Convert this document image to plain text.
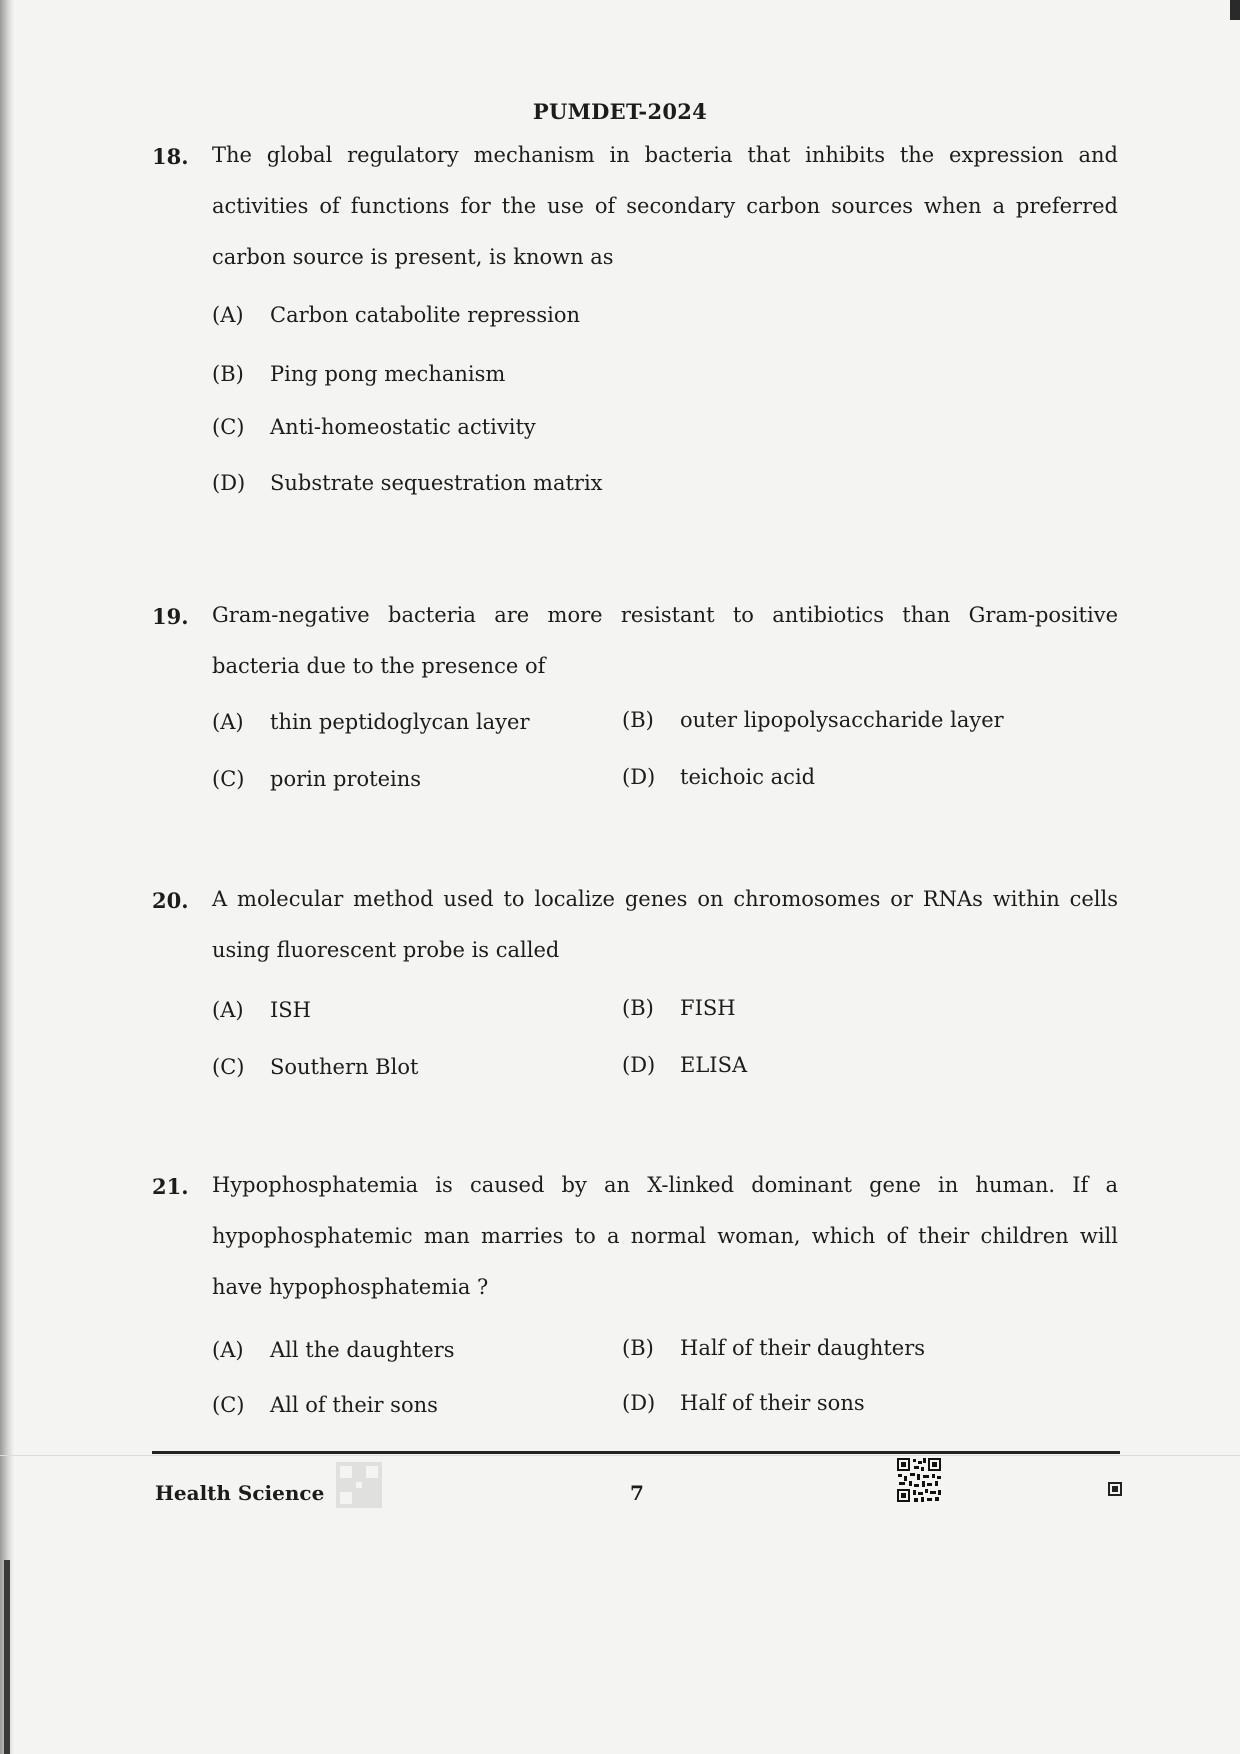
PUMDET-2024
18. The global regulatory mechanism in bacteria that inhibits the expression and activities of functions for the use of secondary carbon sources when a preferred carbon source is present, is known as
(A) Carbon catabolite repression
(B) Ping pong mechanism
(C) Anti-homeostatic activity
(D) Substrate sequestration matrix
19. Gram-negative bacteria are more resistant to antibiotics than Gram-positive bacteria due to the presence of
(A) thin peptidoglycan layer	(B) outer lipopolysaccharide layer
(C) porin proteins	(D) teichoic acid
20. A molecular method used to localize genes on chromosomes or RNAs within cells using fluorescent probe is called
(A) ISH	(B) FISH
(C) Southern Blot	(D) ELISA
21. Hypophosphatemia is caused by an X-linked dominant gene in human. If a hypophosphatemic man marries to a normal woman, which of their children will have hypophosphatemia ?
(A) All the daughters	(B) Half of their daughters
(C) All of their sons	(D) Half of their sons
Health Science	7
